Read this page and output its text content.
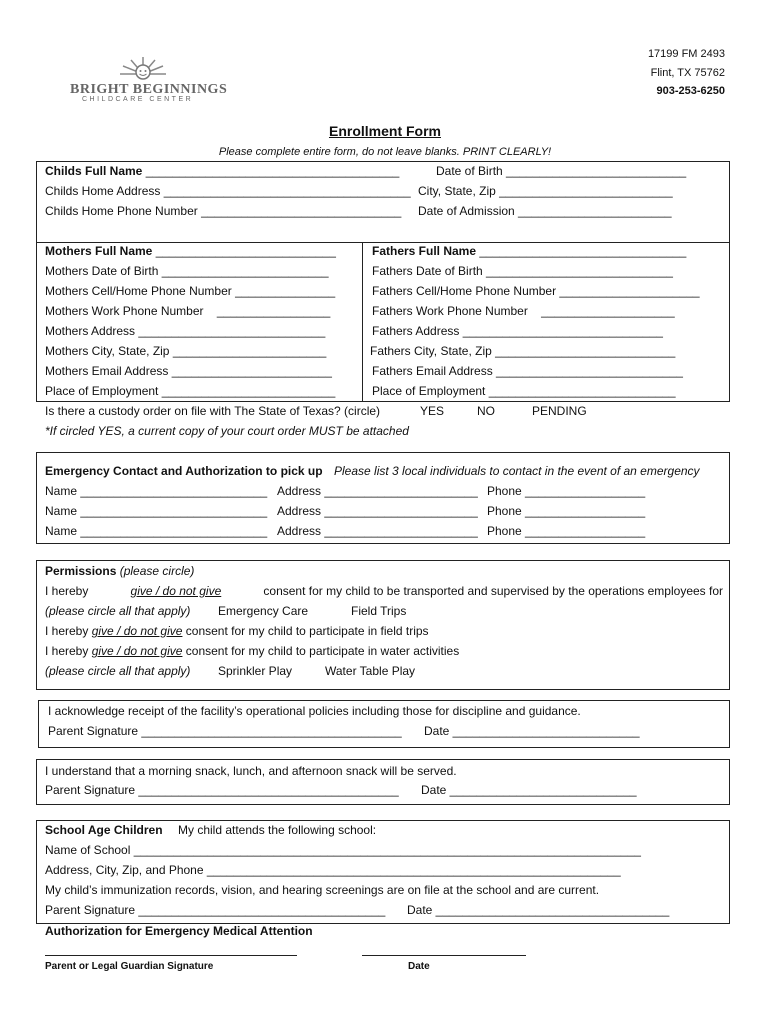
BRIGHT BEGINNINGS
CHILDCARE CENTER
17199 FM 2493
Flint, TX 75762
903-253-6250
Enrollment Form
Please complete entire form, do not leave blanks. PRINT CLEARLY!
Childs Full Name ______________________________________	Date of Birth ___________________________
Childs Home Address _____________________________________ City, State, Zip __________________________
Childs Home Phone Number ______________________________ Date of Admission _______________________
Mothers Full Name ___________________________
Mothers Date of Birth _________________________
Mothers Cell/Home Phone Number _______________
Mothers Work Phone Number    _________________
Mothers Address ____________________________
Mothers City, State, Zip _______________________
Mothers Email Address ________________________
Place of Employment __________________________
Fathers Full Name _______________________________
Fathers Date of Birth ____________________________
Fathers Cell/Home Phone Number _____________________
Fathers Work Phone Number    ____________________
Fathers Address ______________________________
Fathers City, State, Zip ___________________________
Fathers Email Address ____________________________
Place of Employment ____________________________
Is there a custody order on file with The State of Texas? (circle)	YES	NO	PENDING
*If circled YES, a current copy of your court order MUST be attached
Emergency Contact and Authorization to pick up Please list 3 local individuals to contact in the event of an emergency
Name ____________________________ Address _______________________ Phone __________________
Name ____________________________ Address _______________________ Phone __________________
Name ____________________________ Address _______________________ Phone __________________
Permissions (please circle)
I hereby	give / do not give	consent for my child to be transported and supervised by the operations employees for
(please circle all that apply) Emergency Care	Field Trips
I hereby give / do not give consent for my child to participate in field trips
I hereby give / do not give consent for my child to participate in water activities
(please circle all that apply) Sprinkler Play	Water Table Play
I acknowledge receipt of the facility’s operational policies including those for discipline and guidance.
Parent Signature _______________________________________ Date ____________________________
I understand that a morning snack, lunch, and afternoon snack will be served.
Parent Signature _______________________________________ Date ____________________________
School Age Children My child attends the following school:
Name of School ____________________________________________________________________________
Address, City, Zip, and Phone ______________________________________________________________
My child’s immunization records, vision, and hearing screenings are on file at the school and are current.
Parent Signature _____________________________________ Date ___________________________________
Authorization for Emergency Medical Attention
Parent or Legal Guardian Signature	Date
